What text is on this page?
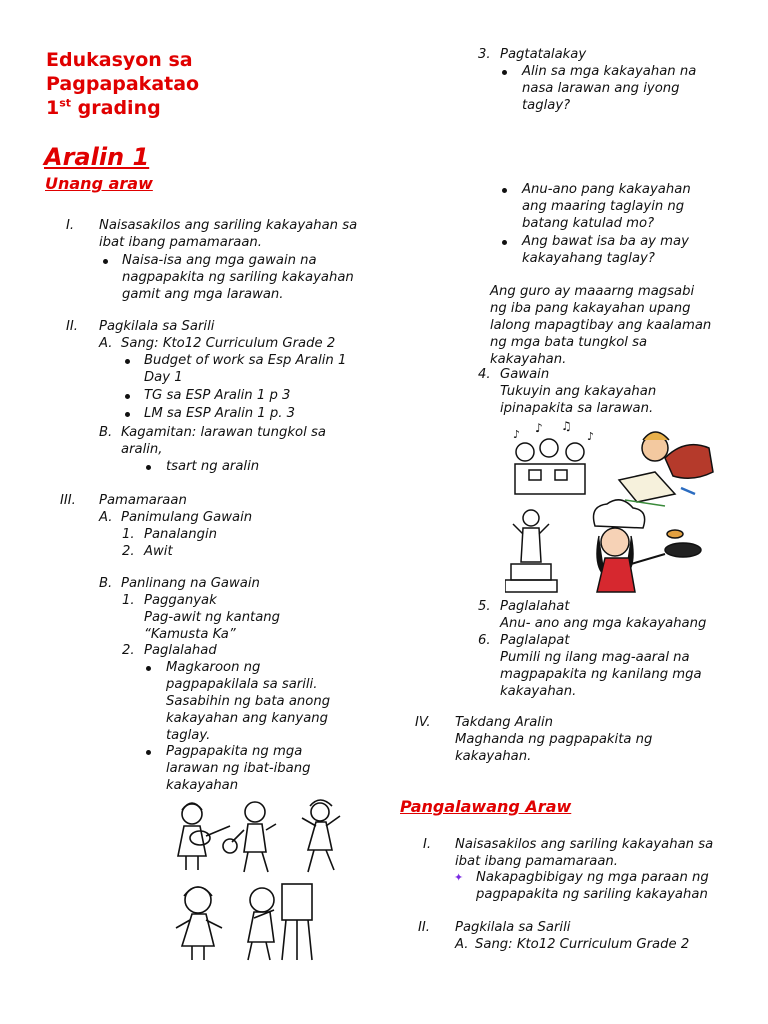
Edukasyon sa
Pagpapakatao
1st grading
Aralin 1
Unang araw
I.	Naisasakilos ang sariling kakayahan sa ibat ibang pamamaraan.
Naisa-isa ang mga gawain na nagpapakita ng sariling kakayahan gamit ang mga larawan.
II.	Pagkilala sa Sarili
A. Sang: Kto12 Curriculum Grade 2
Budget of work sa Esp Aralin 1 Day 1
TG sa ESP Aralin 1 p 3
LM sa ESP Aralin 1 p. 3
B. Kagamitan: larawan tungkol sa aralin,
tsart ng aralin
III.	Pamamaraan
A. Panimulang Gawain
1. Panalangin
2. Awit
B. Panlinang na Gawain
1. Pagganyak
Pag-awit ng kantang “Kamusta Ka”
2. Paglalahad
Magkaroon ng pagpapakilala sa sarili. Sasabihin ng bata anong kakayahan ang kanyang taglay.
Pagpapakita ng mga larawan ng ibat-ibang kakayahan
3. Pagtatalakay
Alin sa mga kakayahan na nasa larawan ang iyong taglay?
Anu-ano pang kakayahan ang maaring taglayin ng batang katulad mo?
Ang bawat isa ba ay may kakayahang taglay?
Ang guro ay maaarng magsabi ng iba pang kakayahan upang lalong mapagtibay ang kaalaman ng mga bata tungkol sa kakayahan.
4. Gawain
Tukuyin ang kakayahan ipinapakita sa larawan.
♪ ♫
♪	♪
5. Paglalahat
Anu- ano ang mga kakayahang
6. Paglalapat
Pumili ng ilang mag-aaral na magpapakita ng kanilang mga kakayahan.
IV.	Takdang Aralin
Maghanda ng pagpapakita ng kakayahan.
Pangalawang Araw
I.	Naisasakilos ang sariling kakayahan sa ibat ibang pamamaraan.
✦ Nakapagbibigay ng mga paraan ng pagpapakita ng sariling kakayahan
II.	Pagkilala sa Sarili
A. Sang: Kto12 Curriculum Grade 2
